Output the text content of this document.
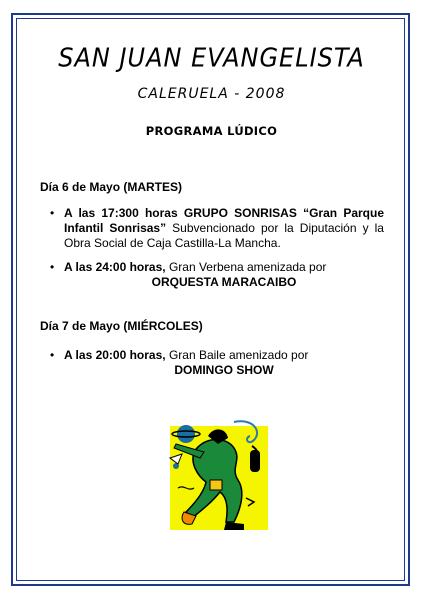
SAN JUAN EVANGELISTA
CALERUELA - 2008
PROGRAMA LÚDICO
Día 6 de Mayo (MARTES)
• A las 17:300 horas GRUPO SONRISAS “Gran Parque Infantil Sonrisas” Subvencionado por la Diputación y la Obra Social de Caja Castilla-La Mancha.
• A las 24:00 horas, Gran Verbena amenizada por
ORQUESTA MARACAIBO
Día 7 de Mayo (MIÉRCOLES)
• A las 20:00 horas, Gran Baile amenizado por
DOMINGO SHOW
